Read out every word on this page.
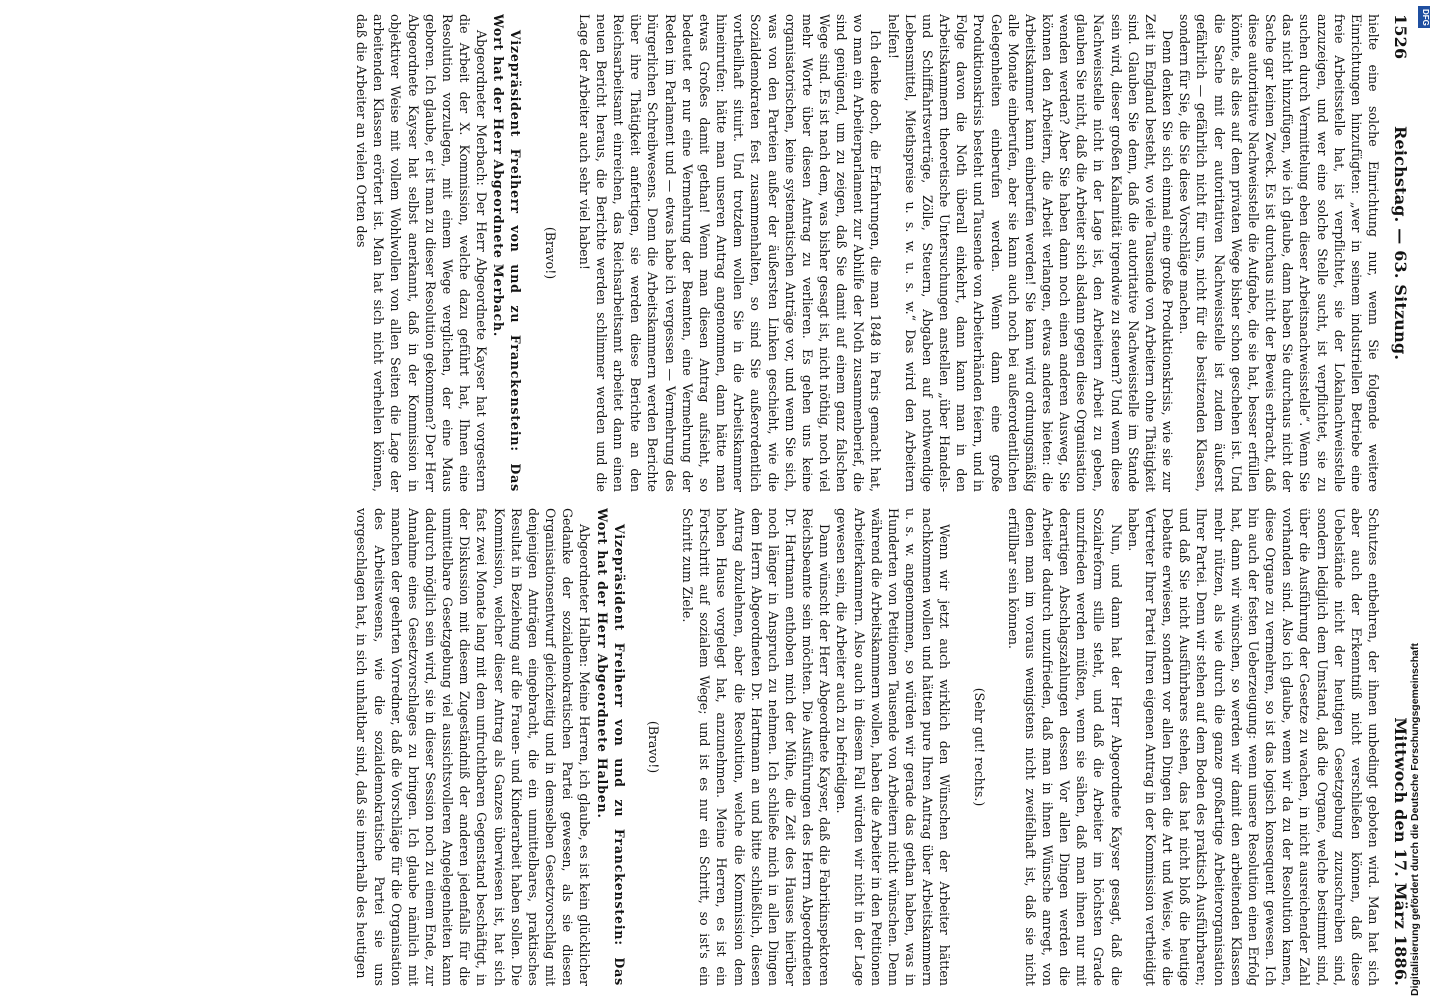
1526
Reichstag. — 63. Sitzung.
Mittwoch den 17. März 1886.

hielte eine solche Einrichtung nur, wenn Sie folgende weitere Einrichtungen hinzufügten: „wer in seinem industriellen Betriebe eine freie Arbeitsstelle hat, ist verpflichtet, sie der Lokalnachweisstelle anzuzeigen, und wer eine solche Stelle sucht, ist verpflichtet, sie zu suchen durch Vermittelung eben dieser Arbeitsnachweisstelle“. Wenn Sie das nicht hinzufügen, wie ich glaube, dann haben Sie durchaus nicht der Sache gar keinen Zweck. Es ist durchaus nicht der Beweis erbracht, daß diese autoritative Nachweisstelle die Aufgabe, die sie hat, besser erfüllen könnte, als dies auf dem privaten Wege bisher schon geschehen ist. Und die Sache mit der autoritativen Nachweisstelle ist zudem äußerst gefährlich — gefährlich nicht für uns, nicht für die besitzenden Klassen, sondern für Sie, die Sie diese Vorschläge machen.

Denn denken Sie sich einmal eine große Produktionskrisis, wie sie zur Zeit in England besteht, wo viele Tausende von Arbeitern ohne Thätigkeit sind. Glauben Sie denn, daß die autoritative Nachweisstelle im Stande sein wird, dieser großen Kalamität irgendwie zu steuern? Und wenn diese Nachweisstelle nicht in der Lage ist, den Arbeitern Arbeit zu geben, glauben Sie nicht, daß die Arbeiter sich alsdann gegen diese Organisation wenden werden? Aber Sie haben dann noch einen anderen Ausweg, Sie können den Arbeitern, die Arbeit verlangen, etwas anderes bieten: die Arbeitskammer kann einberufen werden! Sie kann wird ordnungsmäßig alle Monate einberufen, aber sie kann auch noch bei außerordentlichen Gelegenheiten einberufen werden. Wenn dann eine große Produktionskrisis besteht und Tausende von Arbeiterhänden feiern, und in Folge davon die Noth überall einkehrt, dann kann man in den Arbeitskammern theoretische Untersuchungen anstellen „über Handels- und Schifffahrtsverträge, Zölle, Steuern, Abgaben auf nothwendige Lebensmittel, Miethspreise u. s. w. u. s. w.“ Das wird den Arbeitern helfen!

Ich denke doch, die Erfahrungen, die man 1848 in Paris gemacht hat, wo man ein Arbeiterparlament zur Abhilfe der Noth zusammenberief, die sind genügend, um zu zeigen, daß Sie damit auf einem ganz falschen Wege sind. Es ist nach dem, was bisher gesagt ist, nicht nöthig, noch viel mehr Worte über diesen Antrag zu verlieren. Es gehen uns keine organisatorischen, keine systematischen Anträge vor, und wenn Sie sich, was von den Parteien außer der äußersten Linken geschieht, wie die Sozialdemokraten fest zusammenhalten, so sind Sie außerordentlich vortheilhaft situirt. Und trotzdem wollen Sie in die Arbeitskammer hineinrufen: hätte man unseren Antrag angenommen, dann hätte man etwas Großes damit gethan! Wenn man diesen Antrag aufsieht, so bedeutet er nur eine Vermehrung der Beamten, eine Vermehrung der Reden im Parlament und — etwas habe ich vergessen — Vermehrung des bürgerlichen Schreibwesens. Denn die Arbeitskammern werden Berichte über ihre Thätigkeit anfertigen, sie werden diese Berichte an den Reichsarbeitsamt einreichen, das Reichsarbeitsamt arbeitet dann einen neuen Bericht heraus, die Berichte werden schlimmer werden und die Lage der Arbeiter auch sehr viel haben!

(Bravo!)

Vizepräsident Freiherr von und zu Franckenstein: Das Wort hat der Herr Abgeordnete Merbach.

Abgeordneter Merbach: Der Herr Abgeordnete Kayser hat vorgestern die Arbeit der X. Kommission, welche dazu geführt hat, Ihnen eine Resolution vorzulegen, mit einem Wege verglichen, der eine Maus geboren. Ich glaube, er ist man zu dieser Resolution gekommen? Der Herr Abgeordnete Kayser hat selbst anerkannt, daß in der Kommission in objektiver Weise mit vollem Wohlwollen von allen Seiten die Lage der arbeitenden Klassen erörtert ist. Man hat sich nicht verhehlen können, daß die Arbeiter an vielen Orten des

Schutzes entbehren, der ihnen unbedingt geboten wird. Man hat sich aber auch der Erkenntniß nicht verschließen können, daß diese Uebelstände nicht der heutigen Gesetzgebung zuzuschreiben sind, sondern lediglich dem Umstand, daß die Organe, welche bestimmt sind, über die Ausführung der Gesetze zu wachen, in nicht ausreichender Zahl vorhanden sind. Also ich glaube, wenn wir da zu der Resolution kamen, diese Organe zu vermehren, so ist das logisch konsequent gewesen. Ich bin auch der festen Ueberzeugung: wenn unsere Resolution einen Erfolg hat, dann wir wünschen, so werden wir damit den arbeitenden Klassen mehr nützen, als wie durch die ganze großartige Arbeiterorganisation Ihrer Partei. Denn wir stehen auf dem Boden des praktisch Ausführbaren; und daß Sie nicht Ausführbares stehen, das hat nicht bloß die heutige Debatte erwiesen, sondern vor allen Dingen die Art und Weise, wie die Vertreter Ihrer Partei Ihren eigenen Antrag in der Kommission vertheidigt haben.

Nun, und dann hat der Herr Abgeordnete Kayser gesagt, daß die Sozialreform stille steht, und daß die Arbeiter im höchsten Grade unzufrieden werden müßten, wenn sie sähen, daß man ihnen nur mit derartigen Abschlagszahlungen dessen Vor allen Dingen werden die Arbeiter dadurch unzufrieden, daß man in ihnen Wünsche anregt, von denen man im voraus wenigstens nicht zweifelhaft ist, daß sie nicht erfüllbar sein können.

(Sehr gut! rechts.)

Wenn wir jetzt auch wirklich den Wünschen der Arbeiter hätten nachkommen wollen und hätten pure Ihren Antrag über Arbeitskammern u. s. w. angenommen, so würden wir gerade das gethan haben, was in Hunderten von Petitionen Tausende von Arbeitern nicht wünschen. Denn während die Arbeitskammern wollen, haben die Arbeiter in den Petitionen Arbeiterkammern. Also auch in diesem Fall würden wir nicht in der Lage gewesen sein, die Arbeiter auch zu befriedigen.

Dann wünscht der Herr Abgeordnete Kayser, daß die Fabrikinspektoren Reichsbeamte sein möchten. Die Ausführungen des Herrn Abgeordneten Dr. Hartmann enthoben mich der Mühe, die Zeit des Hauses hierüber noch länger in Anspruch zu nehmen. Ich schließe mich in allen Dingen dem Herrn Abgeordneten Dr. Hartmann an und bitte schließlich, diesen Antrag abzulehnen, aber die Resolution, welche die Kommission dem hohen Hause vorgelegt hat, anzunehmen. Meine Herren, es ist ein Fortschritt auf sozialem Wege; und ist es nur ein Schritt, so ist's ein Schritt zum Ziele.

(Bravo!)

Vizepräsident Freiherr von und zu Franckenstein: Das Wort hat der Herr Abgeordnete Halben.

Abgeordneter Halben: Meine Herren, ich glaube, es ist kein glücklicher Gedanke der sozialdemokratischen Partei gewesen, als sie diesen Organisationsentwurf gleichzeitig und in demselben Gesetzvorschlag mit denjenigen Anträgen eingebracht, die ein unmittelbares, praktisches Resultat in Beziehung auf die Frauen- und Kinderarbeit haben sollen. Die Kommission, welcher dieser Antrag als Ganzes überwiesen ist, hat sich fast zwei Monate lang mit dem unfruchtbaren Gegenstand beschäftigt, in der Diskussion mit diesem Zugeständniß der anderen jedenfalls für die unmittelbare Gesetzgebung viel aussichtsvolleren Angelegenheiten kann dadurch möglich sein wird, sie in dieser Session noch zu einem Ende, zur Annahme eines Gesetzvorschlages zu bringen. Ich glaube nämlich mit manchen der geehrten Vorredner, daß die Vorschläge für die Organisation des Arbeitswesens, wie die sozialdemokratische Partei sie uns vorgeschlagen hat, in sich unhaltbar sind, daß sie innerhalb des heutigen	Digitalisierung gefördert durch die Deutsche Forschungsgemeinschaft
DFG
